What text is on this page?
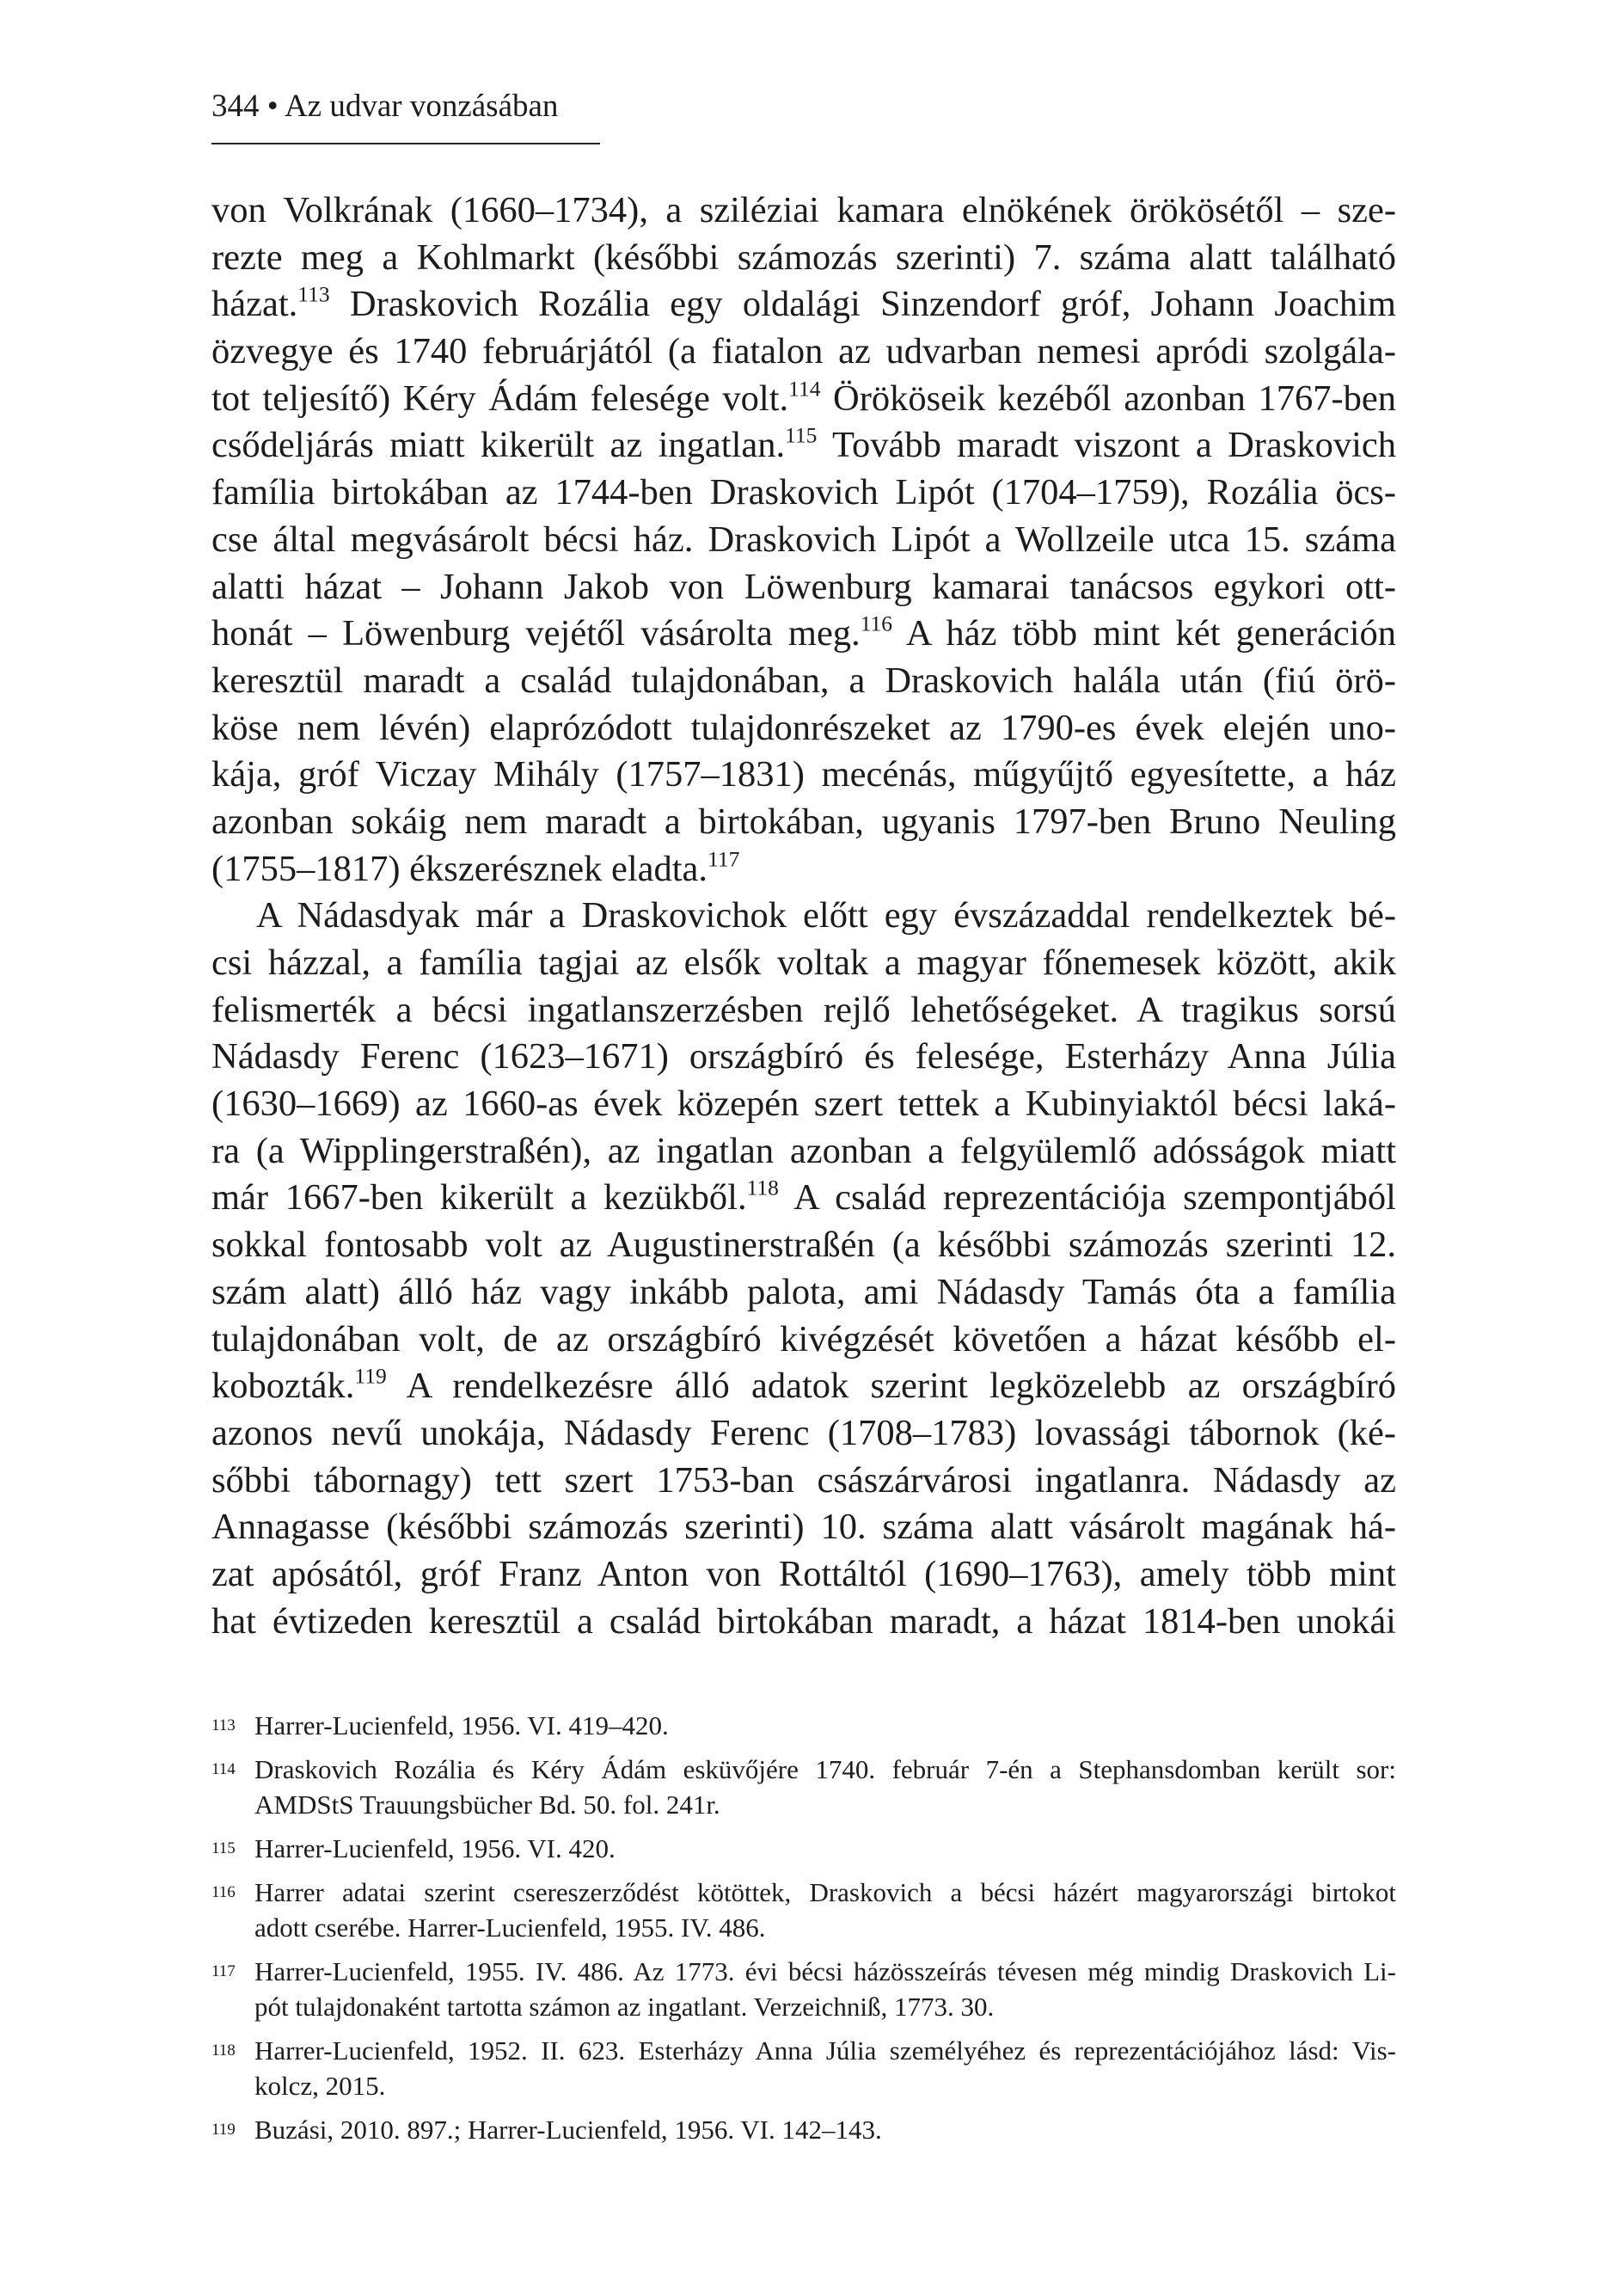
344 • Az udvar vonzásában

von Volkrának (1660–1734), a sziléziai kamara elnökének örökösétől – sze-
rezte meg a Kohlmarkt (későbbi számozás szerinti) 7. száma alatt található
házat.$^{113}$ Draskovich Rozália egy oldalági Sinzendorf gróf, Johann Joachim
özvegye és 1740 februárjától (a fiatalon az udvarban nemesi apródi szolgála-
tot teljesítő) Kéry Ádám felesége volt.$^{114}$ Örököseik kezéből azonban 1767-ben
csődeljárás miatt kikerült az ingatlan.$^{115}$ Tovább maradt viszont a Draskovich
família birtokában az 1744-ben Draskovich Lipót (1704–1759), Rozália öcs-
cse által megvásárolt bécsi ház. Draskovich Lipót a Wollzeile utca 15. száma
alatti házat – Johann Jakob von Löwenburg kamarai tanácsos egykori ott-
honát – Löwenburg vejétől vásárolta meg.$^{116}$ A ház több mint két generáción
keresztül maradt a család tulajdonában, a Draskovich halála után (fiú örö-
köse nem lévén) elaprózódott tulajdonrészeket az 1790-es évek elején uno-
kája, gróf Viczay Mihály (1757–1831) mecénás, műgyűjtő egyesítette, a ház
azonban sokáig nem maradt a birtokában, ugyanis 1797-ben Bruno Neuling
(1755–1817) ékszerésznek eladta.$^{117}$

A Nádasdyak már a Draskovichok előtt egy évszázaddal rendelkeztek bé-
csi házzal, a família tagjai az elsők voltak a magyar főnemesek között, akik
felismerték a bécsi ingatlanszerzésben rejlő lehetőségeket. A tragikus sorsú
Nádasdy Ferenc (1623–1671) országbíró és felesége, Esterházy Anna Júlia
(1630–1669) az 1660-as évek közepén szert tettek a Kubinyiaktól bécsi laká-
ra (a Wipplingerstraßén), az ingatlan azonban a felgyülemlő adósságok miatt
már 1667-ben kikerült a kezükből.$^{118}$ A család reprezentációja szempontjából
sokkal fontosabb volt az Augustinerstraßén (a későbbi számozás szerinti 12.
szám alatt) álló ház vagy inkább palota, ami Nádasdy Tamás óta a família
tulajdonában volt, de az országbíró kivégzését követően a házat később el-
kobozták.$^{119}$ A rendelkezésre álló adatok szerint legközelebb az országbíró
azonos nevű unokája, Nádasdy Ferenc (1708–1783) lovassági tábornok (ké-
sőbbi tábornagy) tett szert 1753-ban császárvárosi ingatlanra. Nádasdy az
Annagasse (későbbi számozás szerinti) 10. száma alatt vásárolt magának há-
zat apósától, gróf Franz Anton von Rottáltól (1690–1763), amely több mint
hat évtizeden keresztül a család birtokában maradt, a házat 1814-ben unokái

113 Harrer-Lucienfeld, 1956. VI. 419–420.
114 Draskovich Rozália és Kéry Ádám esküvőjére 1740. február 7-én a Stephansdomban került sor:
AMDStS Trauungsbücher Bd. 50. fol. 241r.
115 Harrer-Lucienfeld, 1956. VI. 420.
116 Harrer adatai szerint csereszerződést kötöttek, Draskovich a bécsi házért magyarországi birtokot
adott cserébe. Harrer-Lucienfeld, 1955. IV. 486.
117 Harrer-Lucienfeld, 1955. IV. 486. Az 1773. évi bécsi házösszeírás tévesen még mindig Draskovich Li-
pót tulajdonaként tartotta számon az ingatlant. Verzeichniß, 1773. 30.
118 Harrer-Lucienfeld, 1952. II. 623. Esterházy Anna Júlia személyéhez és reprezentációjához lásd: Vis-
kolcz, 2015.
119 Buzási, 2010. 897.; Harrer-Lucienfeld, 1956. VI. 142–143.
